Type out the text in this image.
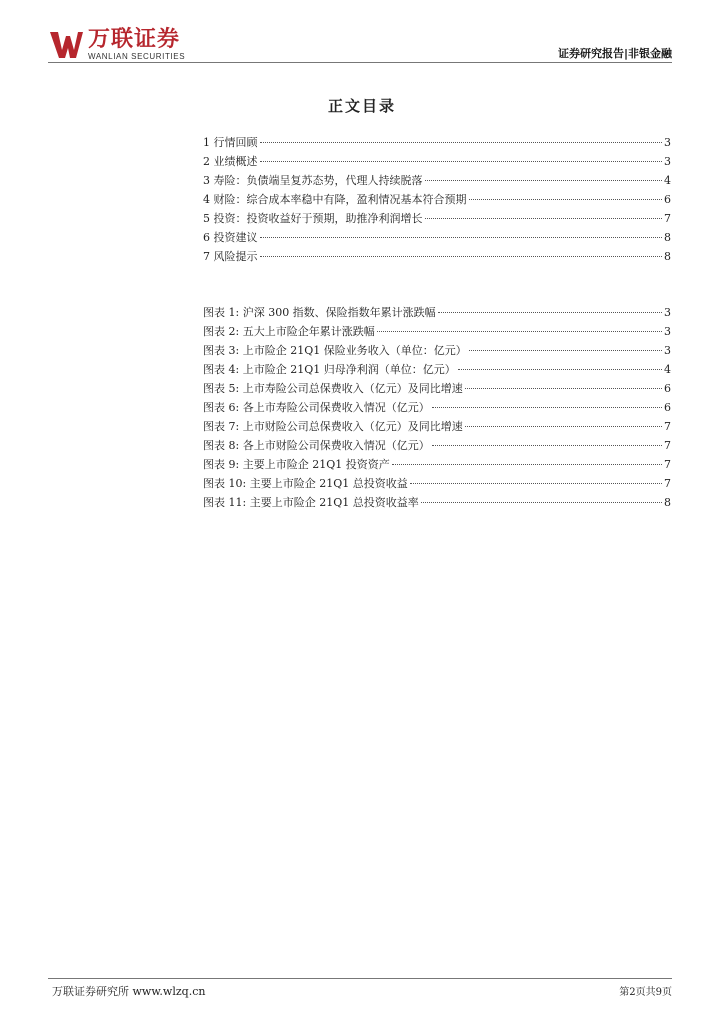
万联证券
WANLIAN SECURITIES	证券研究报告|非银金融
正文目录
1 行情回顾	3
2 业绩概述	3
3 寿险：负债端呈复苏态势，代理人持续脱落	4
4 财险：综合成本率稳中有降，盈利情况基本符合预期	6
5 投资：投资收益好于预期，助推净利润增长	7
6 投资建议	8
7 风险提示	8
图表 1: 沪深 300 指数、保险指数年累计涨跌幅	3
图表 2: 五大上市险企年累计涨跌幅	3
图表 3: 上市险企 21Q1 保险业务收入（单位：亿元）	3
图表 4: 上市险企 21Q1 归母净利润（单位：亿元）	4
图表 5: 上市寿险公司总保费收入（亿元）及同比增速	6
图表 6: 各上市寿险公司保费收入情况（亿元）	6
图表 7: 上市财险公司总保费收入（亿元）及同比增速	7
图表 8: 各上市财险公司保费收入情况（亿元）	7
图表 9: 主要上市险企 21Q1 投资资产	7
图表 10: 主要上市险企 21Q1 总投资收益	7
图表 11: 主要上市险企 21Q1 总投资收益率	8
万联证券研究所 www.wlzq.cn	第2页共9页
